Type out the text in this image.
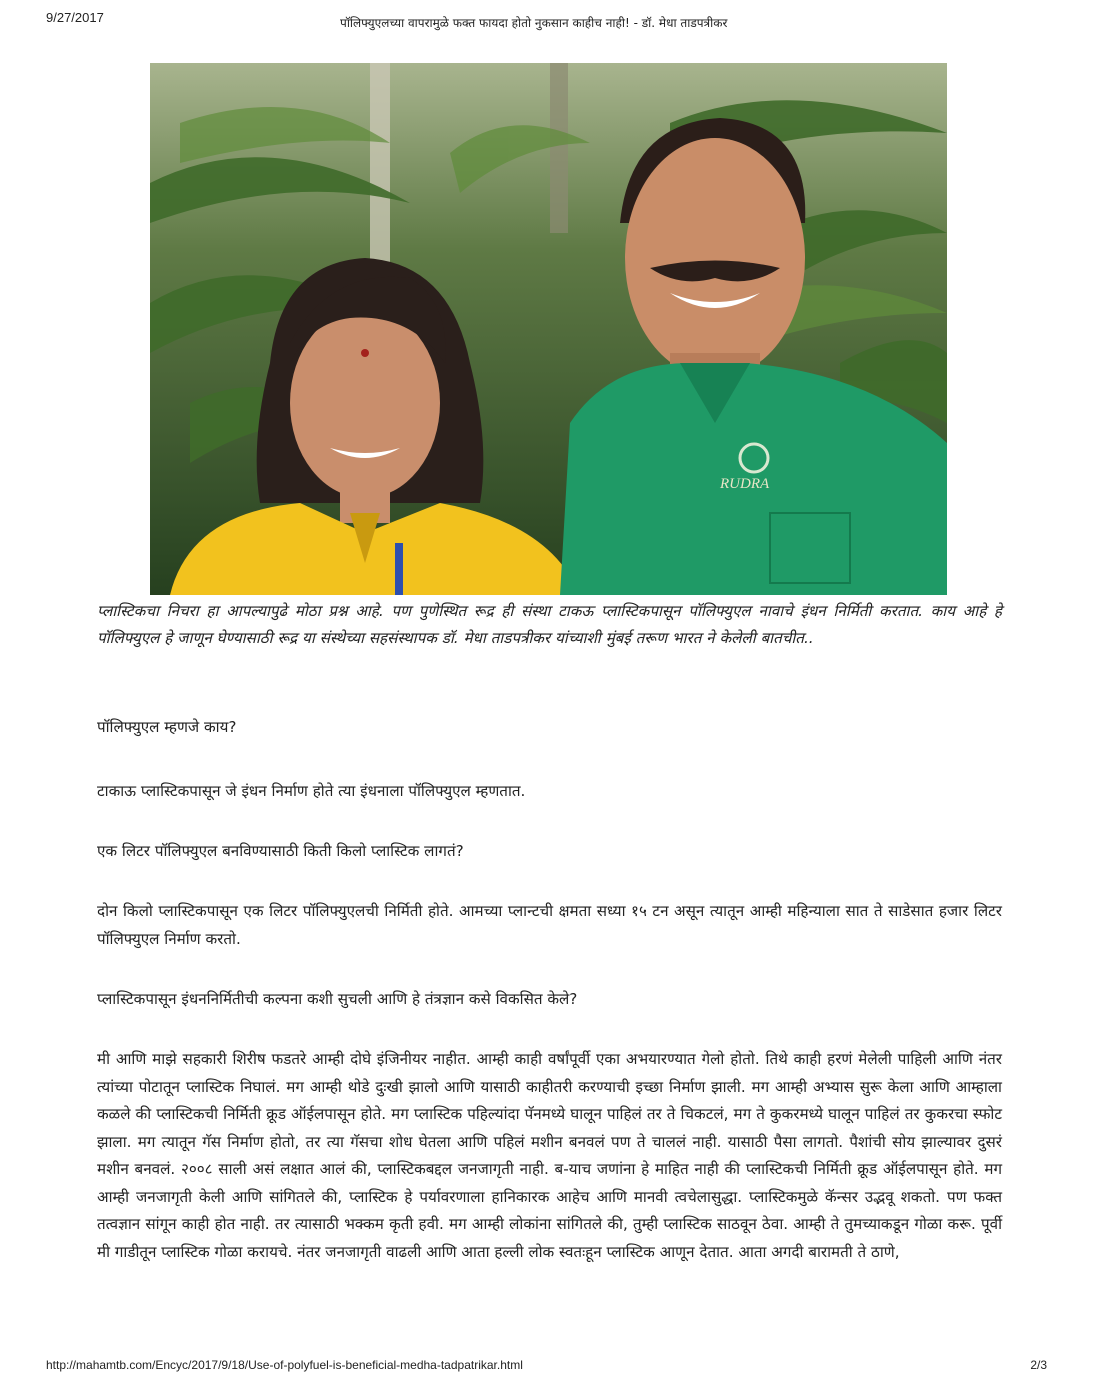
9/27/2017	पॉलिफ्युएलच्या वापरामुळे फक्त फायदा होतो नुकसान काहीच नाही! - डॉ. मेधा ताडपत्रीकर
RUDRA
प्लास्टिकचा निचरा हा आपल्यापुढे मोठा प्रश्न आहे. पण पुणेस्थित रूद्र ही संस्था टाकऊ प्लास्टिकपासून पॉलिफ्युएल नावाचे इंधन निर्मिती करतात. काय आहे हे पॉलिफ्युएल हे जाणून घेण्यासाठी रूद्र या संस्थेच्या सहसंस्थापक डॉ. मेधा ताडपत्रीकर यांच्याशी मुंबई तरूण भारत ने केलेली बातचीत..
पॉलिफ्युएल म्हणजे काय?
टाकाऊ प्लास्टिकपासून जे इंधन निर्माण होते त्या इंधनाला पॉलिफ्युएल म्हणतात.
एक लिटर पॉलिफ्युएल बनविण्यासाठी किती किलो प्लास्टिक लागतं?
दोन किलो प्लास्टिकपासून एक लिटर पॉलिफ्युएलची निर्मिती होते. आमच्या प्लान्टची क्षमता सध्या १५ टन असून त्यातून आम्ही महिन्याला सात ते साडेसात हजार लिटर पॉलिफ्युएल निर्माण करतो.
प्लास्टिकपासून इंधननिर्मितीची कल्पना कशी सुचली आणि हे तंत्रज्ञान कसे विकसित केले?
मी आणि माझे सहकारी शिरीष फडतरे आम्ही दोघे इंजिनीयर नाहीत. आम्ही काही वर्षांपूर्वी एका अभयारण्यात गेलो होतो. तिथे काही हरणं मेलेली पाहिली आणि नंतर त्यांच्या पोटातून प्लास्टिक निघालं. मग आम्ही थोडे दुःखी झालो आणि यासाठी काहीतरी करण्याची इच्छा निर्माण झाली. मग आम्ही अभ्यास सुरू केला आणि आम्हाला कळले की प्लास्टिकची निर्मिती क्रूड ऑईलपासून होते. मग प्लास्टिक पहिल्यांदा पॅनमध्ये घालून पाहिलं तर ते चिकटलं, मग ते कुकरमध्ये घालून पाहिलं तर कुकरचा स्फोट झाला. मग त्यातून गॅस निर्माण होतो, तर त्या गॅसचा शोध घेतला आणि पहिलं मशीन बनवलं पण ते चाललं नाही. यासाठी पैसा लागतो. पैशांची सोय झाल्यावर दुसरं मशीन बनवलं. २००८ साली असं लक्षात आलं की, प्लास्टिकबद्दल जनजागृती नाही. ब-याच जणांना हे माहित नाही की प्लास्टिकची निर्मिती क्रूड ऑईलपासून होते. मग आम्ही जनजागृती केली आणि सांगितले की, प्लास्टिक हे पर्यावरणाला हानिकारक आहेच आणि मानवी त्वचेलासुद्धा. प्लास्टिकमुळे कॅन्सर उद्भवू शकतो. पण फक्त तत्वज्ञान सांगून काही होत नाही. तर त्यासाठी भक्कम कृती हवी. मग आम्ही लोकांना सांगितले की, तुम्ही प्लास्टिक साठवून ठेवा. आम्ही ते तुमच्याकडून गोळा करू. पूर्वी मी गाडीतून प्लास्टिक गोळा करायचे. नंतर जनजागृती वाढली आणि आता हल्ली लोक स्वतःहून प्लास्टिक आणून देतात. आता अगदी बारामती ते ठाणे,
http://mahamtb.com/Encyc/2017/9/18/Use-of-polyfuel-is-beneficial-medha-tadpatrikar.html	2/3
